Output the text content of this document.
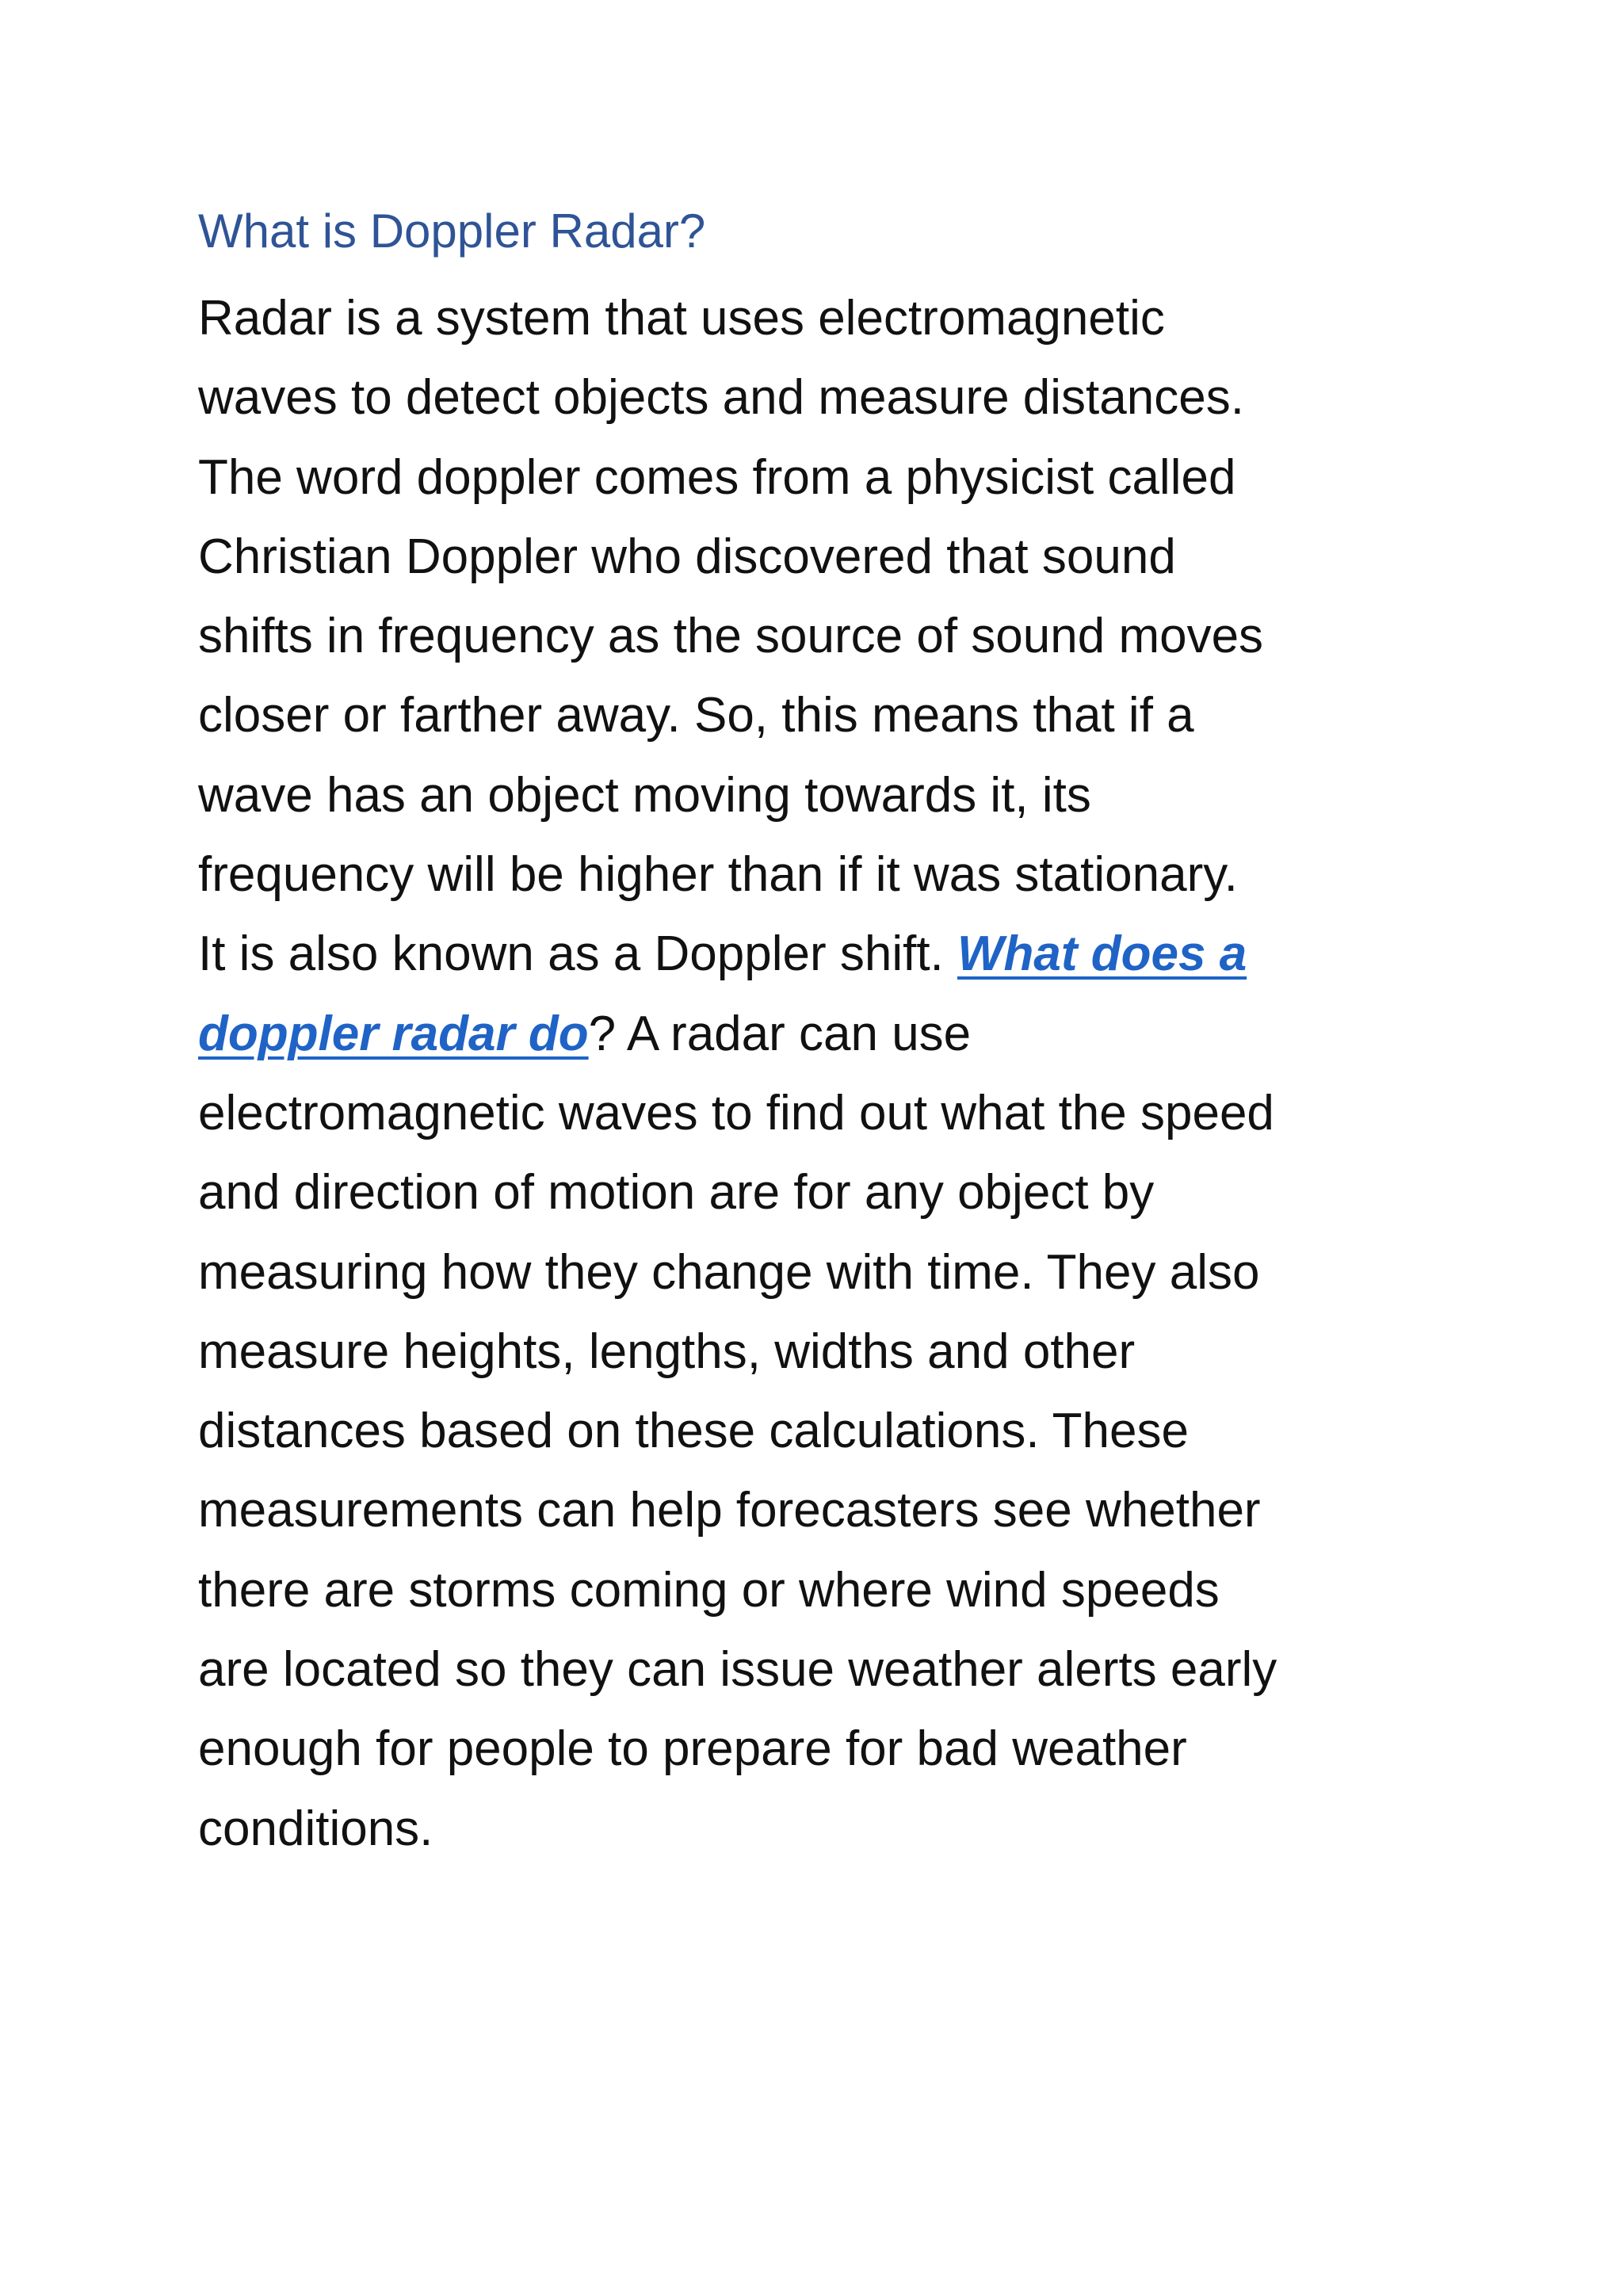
What is Doppler Radar?
Radar is a system that uses electromagnetic
waves to detect objects and measure distances.
The word doppler comes from a physicist called
Christian Doppler who discovered that sound
shifts in frequency as the source of sound moves
closer or farther away. So, this means that if a
wave has an object moving towards it, its
frequency will be higher than if it was stationary.
It is also known as a Doppler shift. What does a
doppler radar do? A radar can use
electromagnetic waves to find out what the speed
and direction of motion are for any object by
measuring how they change with time. They also
measure heights, lengths, widths and other
distances based on these calculations. These
measurements can help forecasters see whether
there are storms coming or where wind speeds
are located so they can issue weather alerts early
enough for people to prepare for bad weather
conditions.
